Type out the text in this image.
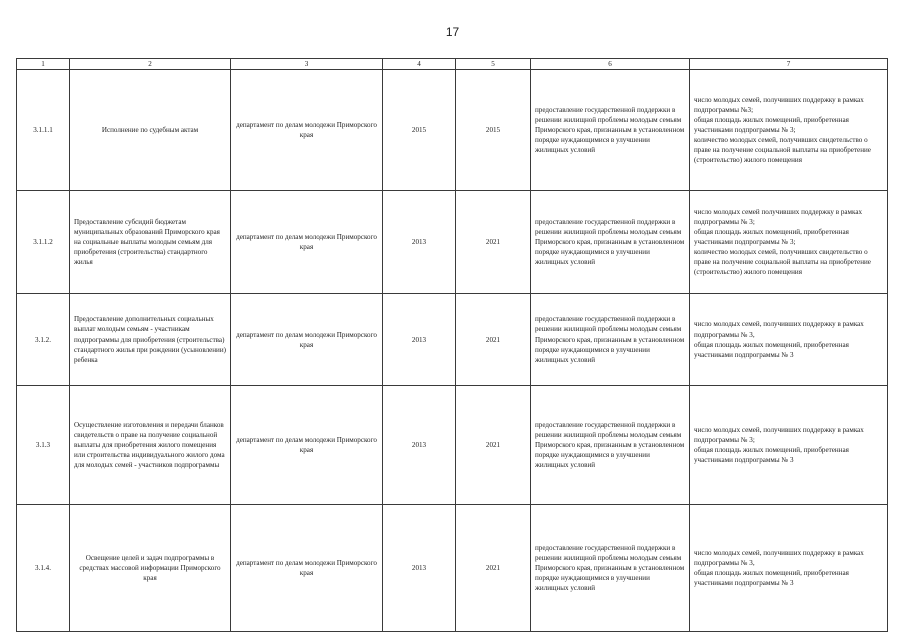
17
1	2	3	4	5	6	7
3.1.1.1	Исполнение по судебным актам	департамент по делам молодежи Приморского края	2015	2015	предоставление государственной поддержки в решении жилищной проблемы молодым семьям Приморского края, признанным в установленном порядке нуждающимися в улучшении жилищных условий	число молодых семей, получивших поддержку в рамках подпрограммы №3;
общая площадь жилых помещений, приобретенная участниками подпрограммы № 3;
количество молодых семей, получивших свидетельство о праве на получение социальной выплаты на приобретение (строительство) жилого помещения
3.1.1.2	Предоставление субсидий бюджетам муниципальных образований Приморского края на социальные выплаты молодым семьям для приобретения (строительства) стандартного жилья	департамент по делам молодежи Приморского края	2013	2021	предоставление государственной поддержки в решении жилищной проблемы молодым семьям Приморского края, признанным в установленном порядке нуждающимися в улучшении жилищных условий	число молодых семей получивших поддержку в рамках подпрограммы № 3;
общая площадь жилых помещений, приобретенная участниками подпрограммы № 3;
количество молодых семей, получивших свидетельство о праве на получение социальной выплаты на приобретение (строительство) жилого помещения
3.1.2.	Предоставление дополнительных социальных выплат молодым семьям - участникам подпрограммы для приобретения (строительства) стандартного жилья при рождении (усыновлении) ребенка	департамент по делам молодежи Приморского края	2013	2021	предоставление государственной поддержки в решении жилищной проблемы молодым семьям Приморского края, признанным в установленном порядке нуждающимися в улучшении жилищных условий	число молодых семей, получивших поддержку в рамках подпрограммы № 3,
общая площадь жилых помещений, приобретенная участниками подпрограммы № 3
3.1.3	Осуществление изготовления и передачи бланков свидетельств о праве на получение социальной выплаты для приобретения жилого помещения или строительства индивидуального жилого дома для молодых семей - участников подпрограммы	департамент по делам молодежи Приморского края	2013	2021	предоставление государственной поддержки в решении жилищной проблемы молодым семьям Приморского края, признанным в установленном порядке нуждающимися в улучшении жилищных условий	число молодых семей, получивших поддержку в рамках подпрограммы № 3;
общая площадь жилых помещений, приобретенная участниками подпрограммы № 3
3.1.4.	Освещение целей и задач подпрограммы в средствах массовой информации Приморского края	департамент по делам молодежи Приморского края	2013	2021	предоставление государственной поддержки в решении жилищной проблемы молодым семьям Приморского края, признанным в установленном порядке нуждающимися в улучшении жилищных условий	число молодых семей, получивших поддержку в рамках подпрограммы № 3,
общая площадь жилых помещений, приобретенная участниками подпрограммы № 3
